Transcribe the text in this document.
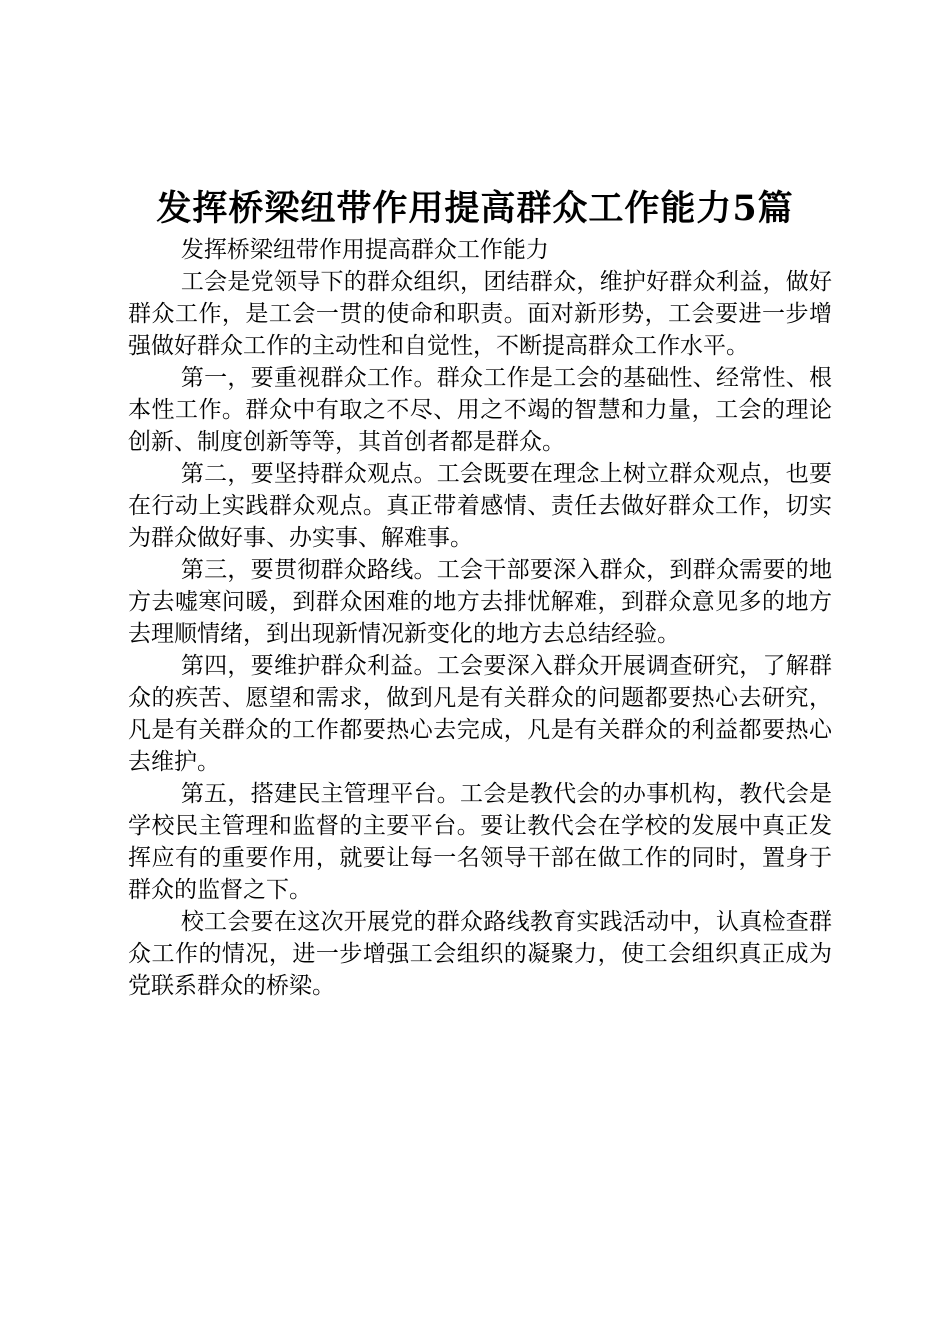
发挥桥梁纽带作用提高群众工作能力5篇

发挥桥梁纽带作用提高群众工作能力

工会是党领导下的群众组织，团结群众，维护好群众利益，做好群众工作，是工会一贯的使命和职责。面对新形势，工会要进一步增强做好群众工作的主动性和自觉性，不断提高群众工作水平。

第一，要重视群众工作。群众工作是工会的基础性、经常性、根本性工作。群众中有取之不尽、用之不竭的智慧和力量，工会的理论创新、制度创新等等，其首创者都是群众。

第二，要坚持群众观点。工会既要在理念上树立群众观点，也要在行动上实践群众观点。真正带着感情、责任去做好群众工作，切实为群众做好事、办实事、解难事。

第三，要贯彻群众路线。工会干部要深入群众，到群众需要的地方去嘘寒问暖，到群众困难的地方去排忧解难，到群众意见多的地方去理顺情绪，到出现新情况新变化的地方去总结经验。

第四，要维护群众利益。工会要深入群众开展调查研究，了解群众的疾苦、愿望和需求，做到凡是有关群众的问题都要热心去研究，凡是有关群众的工作都要热心去完成，凡是有关群众的利益都要热心去维护。

第五，搭建民主管理平台。工会是教代会的办事机构，教代会是学校民主管理和监督的主要平台。要让教代会在学校的发展中真正发挥应有的重要作用，就要让每一名领导干部在做工作的同时，置身于群众的监督之下。

校工会要在这次开展党的群众路线教育实践活动中，认真检查群众工作的情况，进一步增强工会组织的凝聚力，使工会组织真正成为党联系群众的桥梁。
